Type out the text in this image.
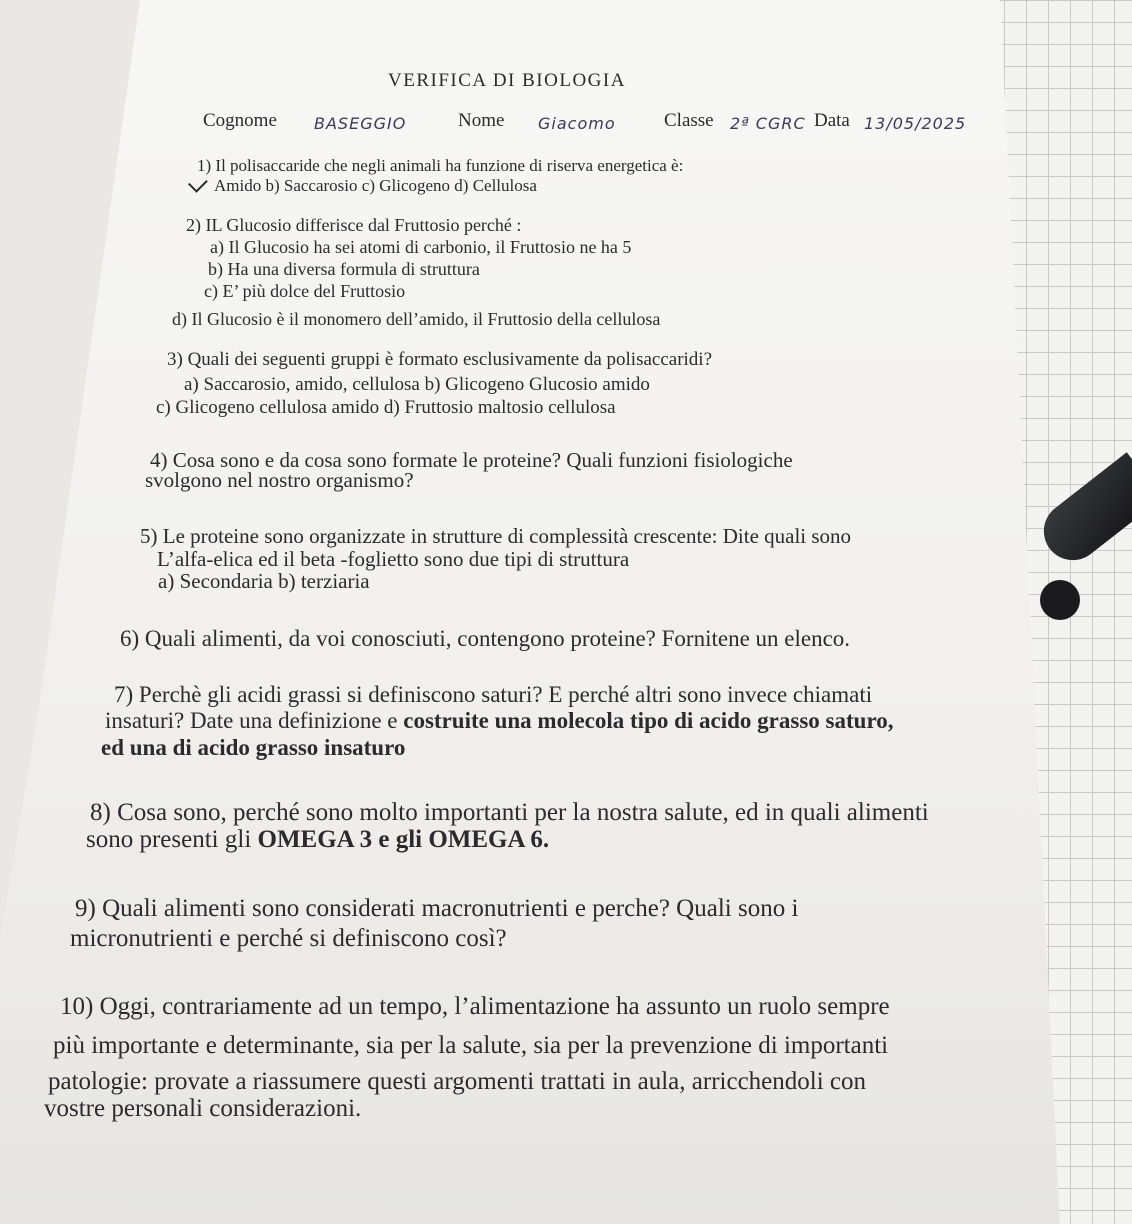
VERIFICA DI BIOLOGIA
Cognome BASEGGIO	Nome Giacomo	Classe 2ª CGRC Data 13/05/2025
1) Il polisaccaride che negli animali ha funzione di riserva energetica è:
Amido b) Saccarosio c) Glicogeno d) Cellulosa
2) IL Glucosio differisce dal Fruttosio perché :
a) Il Glucosio ha sei atomi di carbonio, il Fruttosio ne ha 5
b) Ha una diversa formula di struttura
c) E’ più dolce del Fruttosio
d) Il Glucosio è il monomero dell’amido, il Fruttosio della cellulosa
3) Quali dei seguenti gruppi è formato esclusivamente da polisaccaridi?
a) Saccarosio, amido, cellulosa b) Glicogeno Glucosio amido
c) Glicogeno cellulosa amido d) Fruttosio maltosio cellulosa
4) Cosa sono e da cosa sono formate le proteine? Quali funzioni fisiologiche
svolgono nel nostro organismo?
5) Le proteine sono organizzate in strutture di complessità crescente: Dite quali sono
L’alfa-elica ed il beta -foglietto sono due tipi di struttura
a) Secondaria b) terziaria
6) Quali alimenti, da voi conosciuti, contengono proteine? Fornitene un elenco.
7) Perchè gli acidi grassi si definiscono saturi? E perché altri sono invece chiamati
insaturi? Date una definizione e costruite una molecola tipo di acido grasso saturo,
ed una di acido grasso insaturo
8) Cosa sono, perché sono molto importanti per la nostra salute, ed in quali alimenti
sono presenti gli OMEGA 3 e gli OMEGA 6.
9) Quali alimenti sono considerati macronutrienti e perche? Quali sono i
micronutrienti e perché si definiscono così?
10) Oggi, contrariamente ad un tempo, l’alimentazione ha assunto un ruolo sempre
più importante e determinante, sia per la salute, sia per la prevenzione di importanti
patologie: provate a riassumere questi argomenti trattati in aula, arricchendoli con
vostre personali considerazioni.
